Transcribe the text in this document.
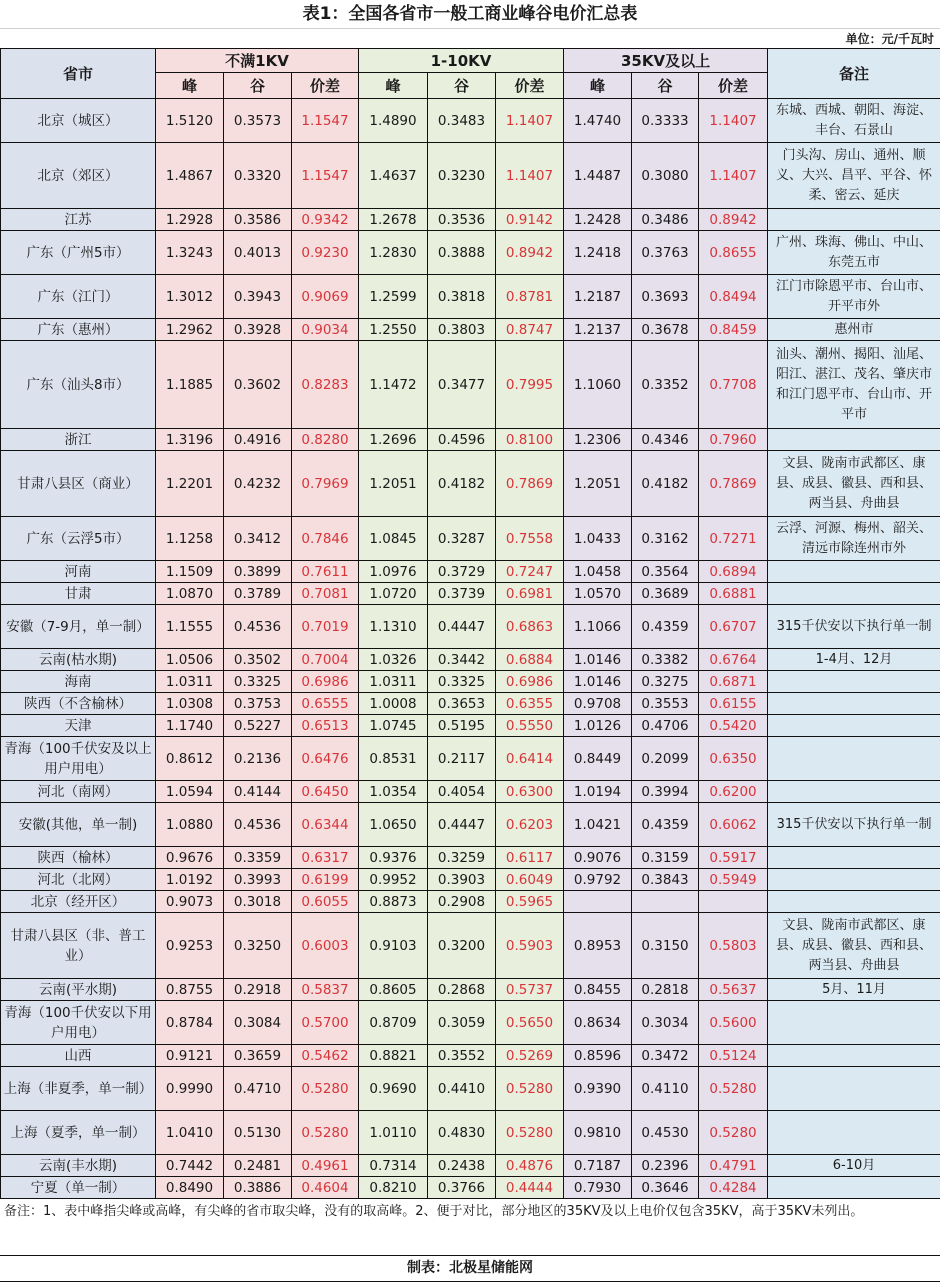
表1：全国各省市一般工商业峰谷电价汇总表
单位：元/千瓦时
省市	不满1KV			1-10KV			35KV及以上			备注
	峰	谷	价差	峰	谷	价差	峰	谷	价差	
北京（城区）	1.5120	0.3573	1.1547	1.4890	0.3483	1.1407	1.4740	0.3333	1.1407	东城、西城、朝阳、海淀、丰台、石景山
北京（郊区）	1.4867	0.3320	1.1547	1.4637	0.3230	1.1407	1.4487	0.3080	1.1407	门头沟、房山、通州、顺义、大兴、昌平、平谷、怀柔、密云、延庆
江苏	1.2928	0.3586	0.9342	1.2678	0.3536	0.9142	1.2428	0.3486	0.8942	
广东（广州5市）	1.3243	0.4013	0.9230	1.2830	0.3888	0.8942	1.2418	0.3763	0.8655	广州、珠海、佛山、中山、东莞五市
广东（江门）	1.3012	0.3943	0.9069	1.2599	0.3818	0.8781	1.2187	0.3693	0.8494	江门市除恩平市、台山市、开平市外
广东（惠州）	1.2962	0.3928	0.9034	1.2550	0.3803	0.8747	1.2137	0.3678	0.8459	惠州市
广东（汕头8市）	1.1885	0.3602	0.8283	1.1472	0.3477	0.7995	1.1060	0.3352	0.7708	汕头、潮州、揭阳、汕尾、阳江、湛江、茂名、肇庆市和江门恩平市、台山市、开平市
浙江	1.3196	0.4916	0.8280	1.2696	0.4596	0.8100	1.2306	0.4346	0.7960	
甘肃八县区（商业）	1.2201	0.4232	0.7969	1.2051	0.4182	0.7869	1.2051	0.4182	0.7869	文县、陇南市武都区、康县、成县、徽县、西和县、两当县、舟曲县
广东（云浮5市）	1.1258	0.3412	0.7846	1.0845	0.3287	0.7558	1.0433	0.3162	0.7271	云浮、河源、梅州、韶关、清远市除连州市外
河南	1.1509	0.3899	0.7611	1.0976	0.3729	0.7247	1.0458	0.3564	0.6894	
甘肃	1.0870	0.3789	0.7081	1.0720	0.3739	0.6981	1.0570	0.3689	0.6881	
安徽（7-9月，单一制）	1.1555	0.4536	0.7019	1.1310	0.4447	0.6863	1.1066	0.4359	0.6707	315千伏安以下执行单一制
云南(枯水期)	1.0506	0.3502	0.7004	1.0326	0.3442	0.6884	1.0146	0.3382	0.6764	1-4月、12月
海南	1.0311	0.3325	0.6986	1.0311	0.3325	0.6986	1.0146	0.3275	0.6871	
陕西（不含榆林）	1.0308	0.3753	0.6555	1.0008	0.3653	0.6355	0.9708	0.3553	0.6155	
天津	1.1740	0.5227	0.6513	1.0745	0.5195	0.5550	1.0126	0.4706	0.5420	
青海（100千伏安及以上用户用电）	0.8612	0.2136	0.6476	0.8531	0.2117	0.6414	0.8449	0.2099	0.6350	
河北（南网）	1.0594	0.4144	0.6450	1.0354	0.4054	0.6300	1.0194	0.3994	0.6200	
安徽(其他，单一制)	1.0880	0.4536	0.6344	1.0650	0.4447	0.6203	1.0421	0.4359	0.6062	315千伏安以下执行单一制
陕西（榆林）	0.9676	0.3359	0.6317	0.9376	0.3259	0.6117	0.9076	0.3159	0.5917	
河北（北网）	1.0192	0.3993	0.6199	0.9952	0.3903	0.6049	0.9792	0.3843	0.5949	
北京（经开区）	0.9073	0.3018	0.6055	0.8873	0.2908	0.5965				
甘肃八县区（非、普工业）	0.9253	0.3250	0.6003	0.9103	0.3200	0.5903	0.8953	0.3150	0.5803	文县、陇南市武都区、康县、成县、徽县、西和县、两当县、舟曲县
云南(平水期)	0.8755	0.2918	0.5837	0.8605	0.2868	0.5737	0.8455	0.2818	0.5637	5月、11月
青海（100千伏安以下用户用电）	0.8784	0.3084	0.5700	0.8709	0.3059	0.5650	0.8634	0.3034	0.5600	
山西	0.9121	0.3659	0.5462	0.8821	0.3552	0.5269	0.8596	0.3472	0.5124	
上海（非夏季，单一制）	0.9990	0.4710	0.5280	0.9690	0.4410	0.5280	0.9390	0.4110	0.5280	
上海（夏季，单一制）	1.0410	0.5130	0.5280	1.0110	0.4830	0.5280	0.9810	0.4530	0.5280	
云南(丰水期)	0.7442	0.2481	0.4961	0.7314	0.2438	0.4876	0.7187	0.2396	0.4791	6-10月
宁夏（单一制）	0.8490	0.3886	0.4604	0.8210	0.3766	0.4444	0.7930	0.3646	0.4284	
备注：1、表中峰指尖峰或高峰，有尖峰的省市取尖峰，没有的取高峰。2、便于对比，部分地区的35KV及以上电价仅包含35KV，高于35KV未列出。
制表：北极星储能网
